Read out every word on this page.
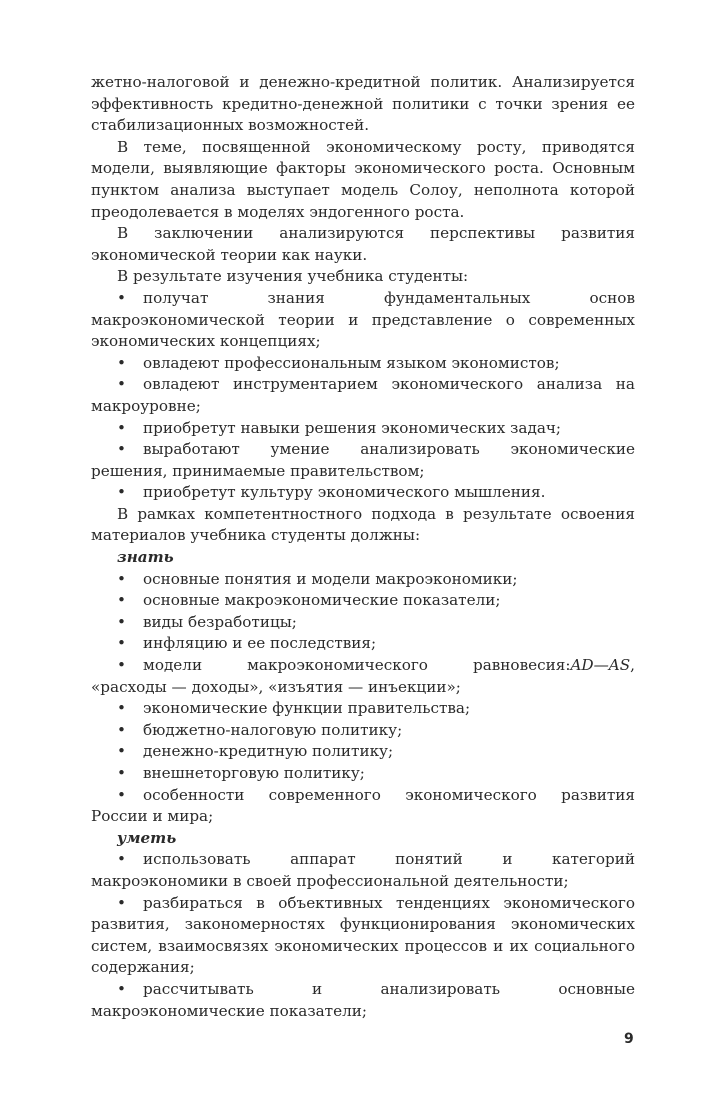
жетно-налоговой и денежно-кредитной политик. Анализируется эффективность кредитно-денежной политики с точки зрения ее стабилизационных возможностей.

В теме, посвященной экономическому росту, приводятся модели, выявляющие факторы экономического роста. Основным пунктом анализа выступает модель Солоу, неполнота которой преодолевается в моделях эндогенного роста.

В заключении анализируются перспективы развития экономической теории как науки.

В результате изучения учебника студенты:

• получат знания фундаментальных основ макроэкономической теории и представление о современных экономических концепциях;

• овладеют профессиональным языком экономистов;

• овладеют инструментарием экономического анализа на макроуровне;

• приобретут навыки решения экономических задач;

• выработают умение анализировать экономические решения, принимаемые правительством;

• приобретут культуру экономического мышления.

В рамках компетентностного подхода в результате освоения материалов учебника студенты должны:

знать

• основные понятия и модели макроэкономики;

• основные макроэкономические показатели;

• виды безработицы;

• инфляцию и ее последствия;

• модели макроэкономического равновесия:AD—AS, «расходы — доходы», «изъятия — инъекции»;

• экономические функции правительства;

• бюджетно-налоговую политику;

• денежно-кредитную политику;

• внешнеторговую политику;

• особенности современного экономического развития России и мира;

уметь

• использовать аппарат понятий и категорий макроэкономики в своей профессиональной деятельности;

• разбираться в объективных тенденциях экономического развития, закономерностях функционирования экономических систем, взаимосвязях экономических процессов и их социального содержания;

• рассчитывать и анализировать основные макроэкономические показатели;

9
